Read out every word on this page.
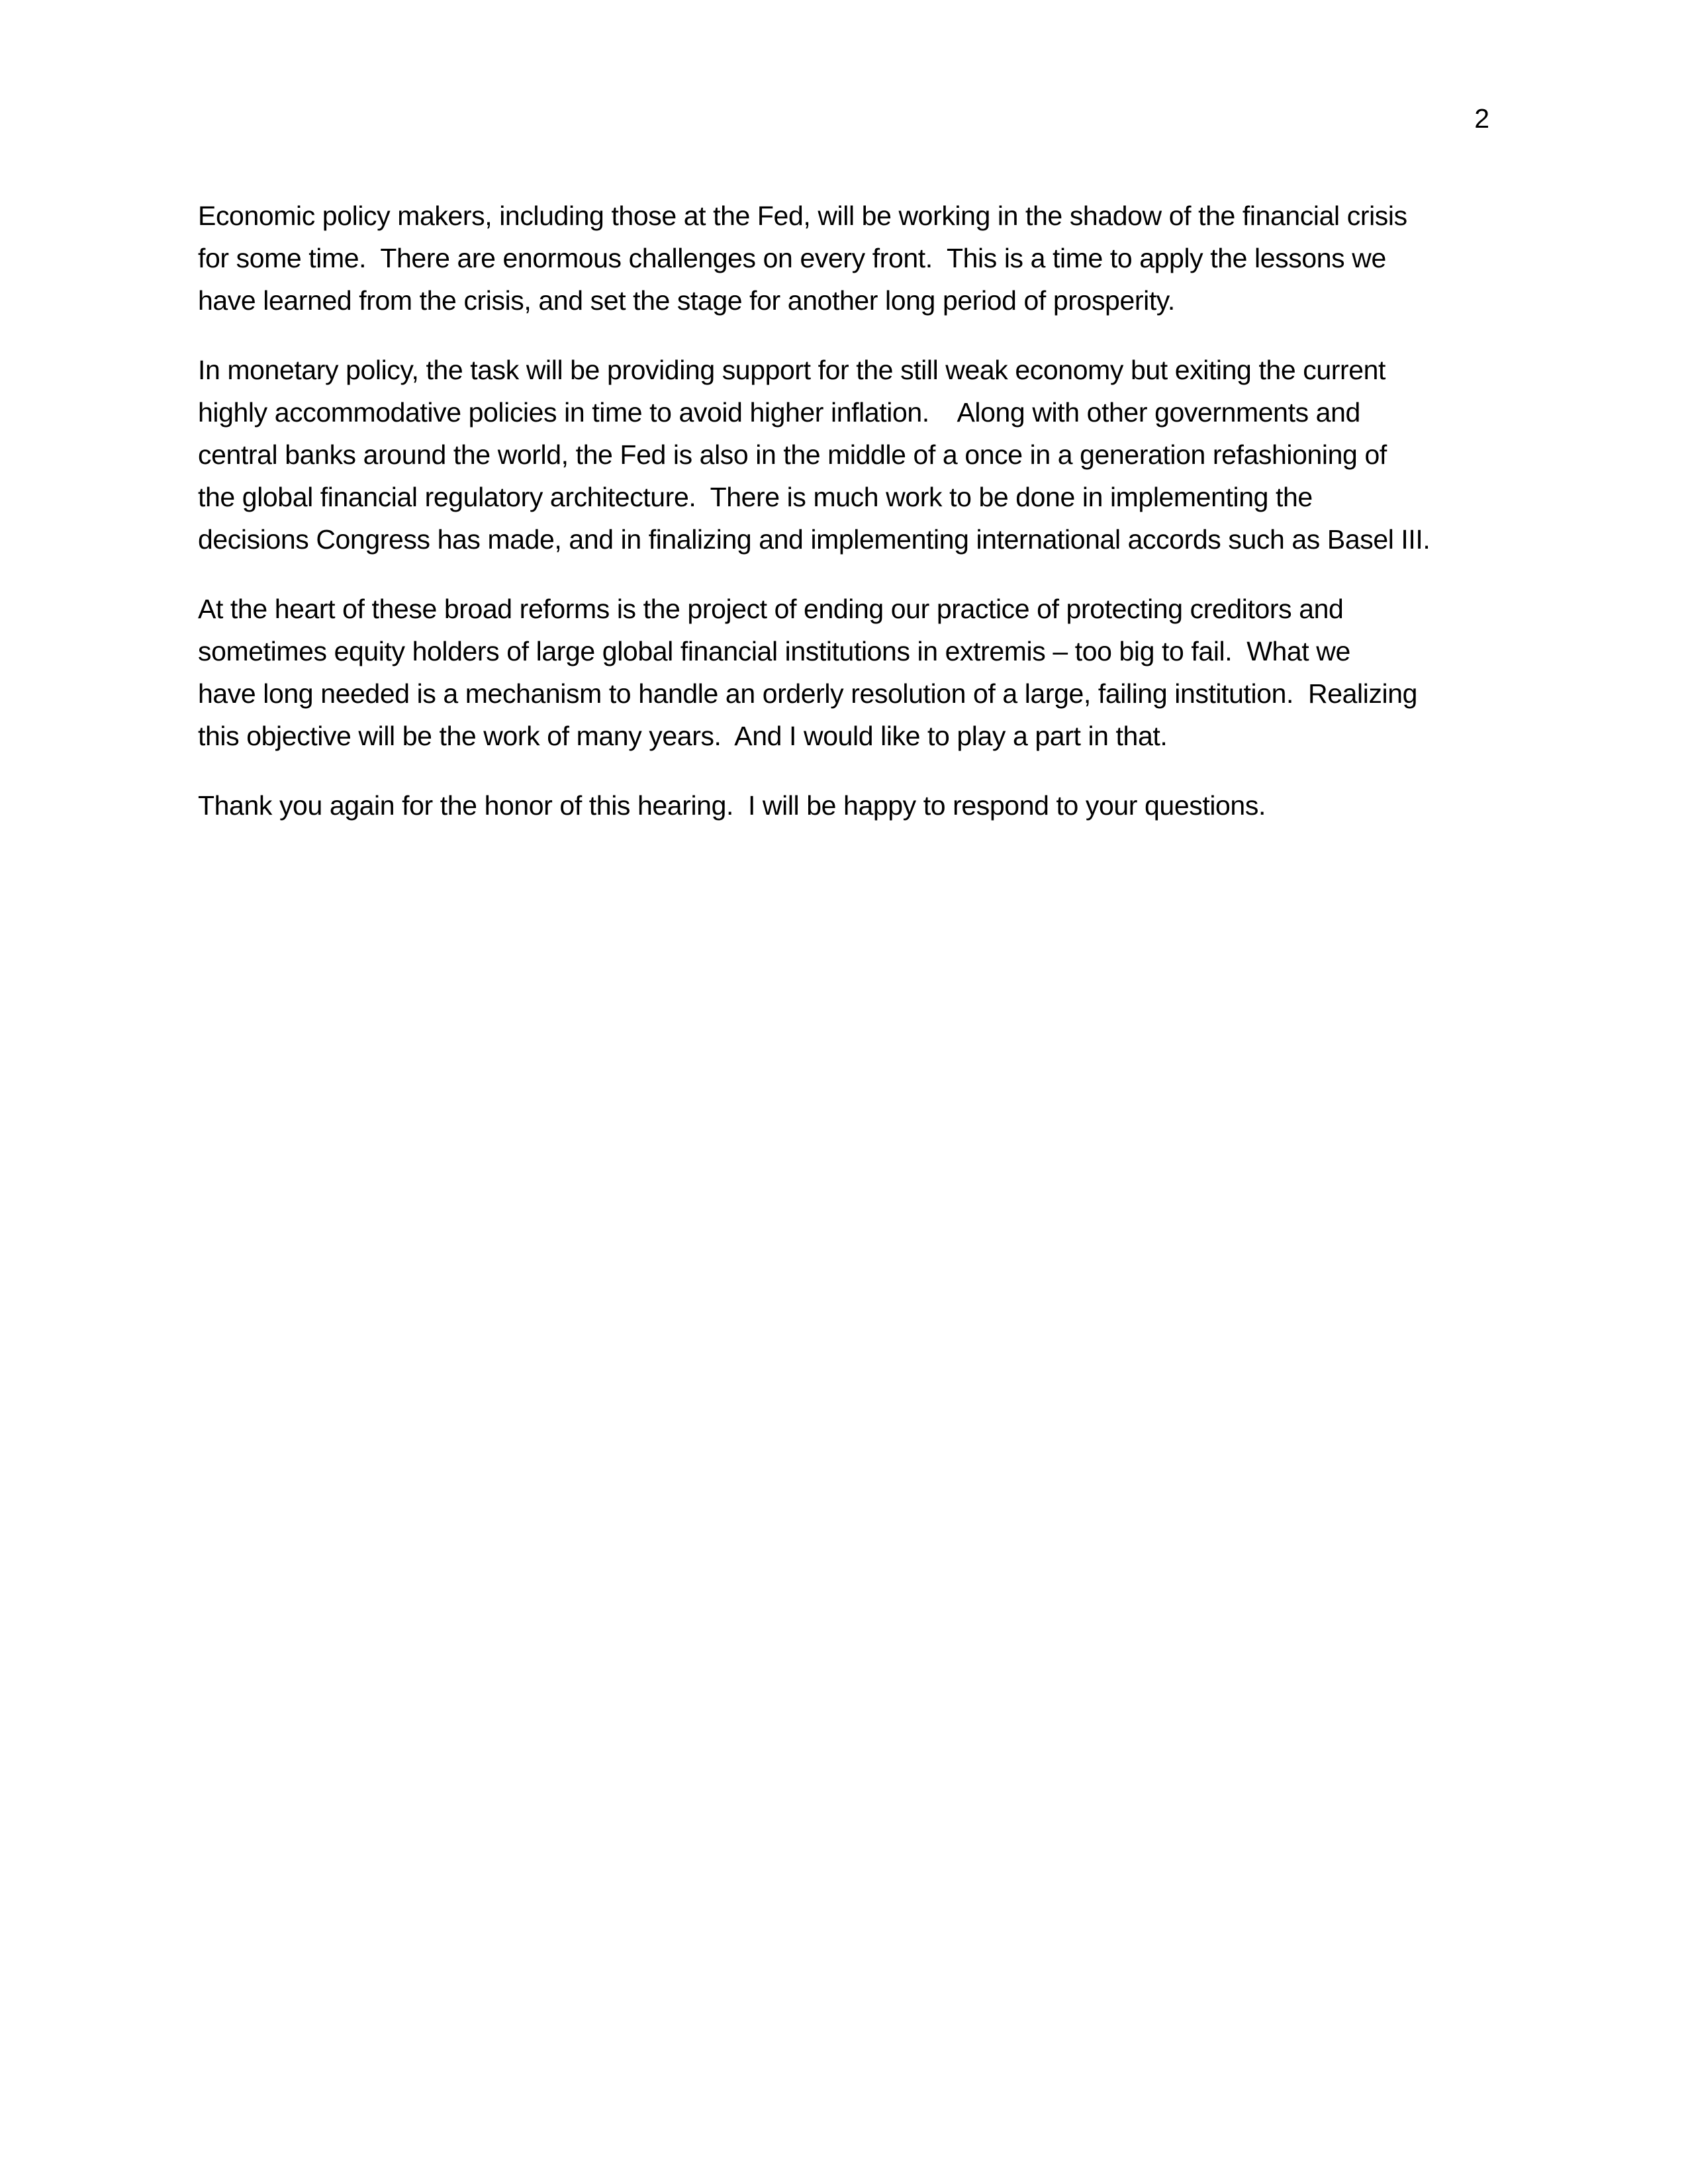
2
Economic policy makers, including those at the Fed, will be working in the shadow of the financial crisis
for some time.  There are enormous challenges on every front.  This is a time to apply the lessons we
have learned from the crisis, and set the stage for another long period of prosperity.
In monetary policy, the task will be providing support for the still weak economy but exiting the current
highly accommodative policies in time to avoid higher inflation.    Along with other governments and
central banks around the world, the Fed is also in the middle of a once in a generation refashioning of
the global financial regulatory architecture.  There is much work to be done in implementing the
decisions Congress has made, and in finalizing and implementing international accords such as Basel III.
At the heart of these broad reforms is the project of ending our practice of protecting creditors and
sometimes equity holders of large global financial institutions in extremis – too big to fail.  What we
have long needed is a mechanism to handle an orderly resolution of a large, failing institution.  Realizing
this objective will be the work of many years.  And I would like to play a part in that.
Thank you again for the honor of this hearing.  I will be happy to respond to your questions.
